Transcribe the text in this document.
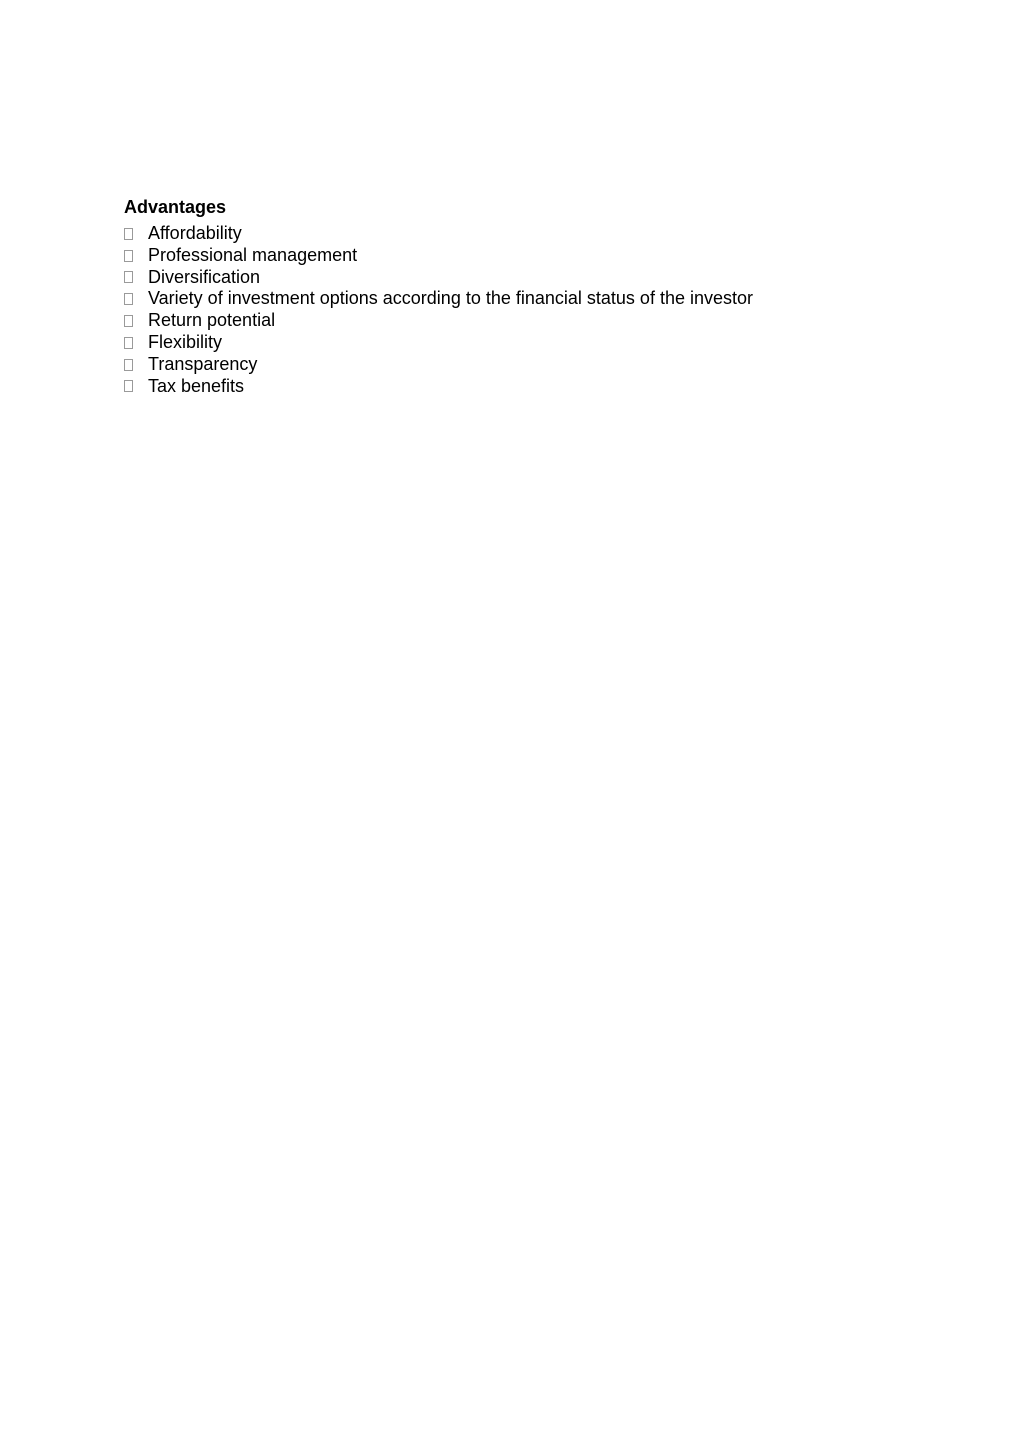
Advantages
Affordability
Professional management
Diversification
Variety of investment options according to the financial status of the investor
Return potential
Flexibility
Transparency
Tax benefits
